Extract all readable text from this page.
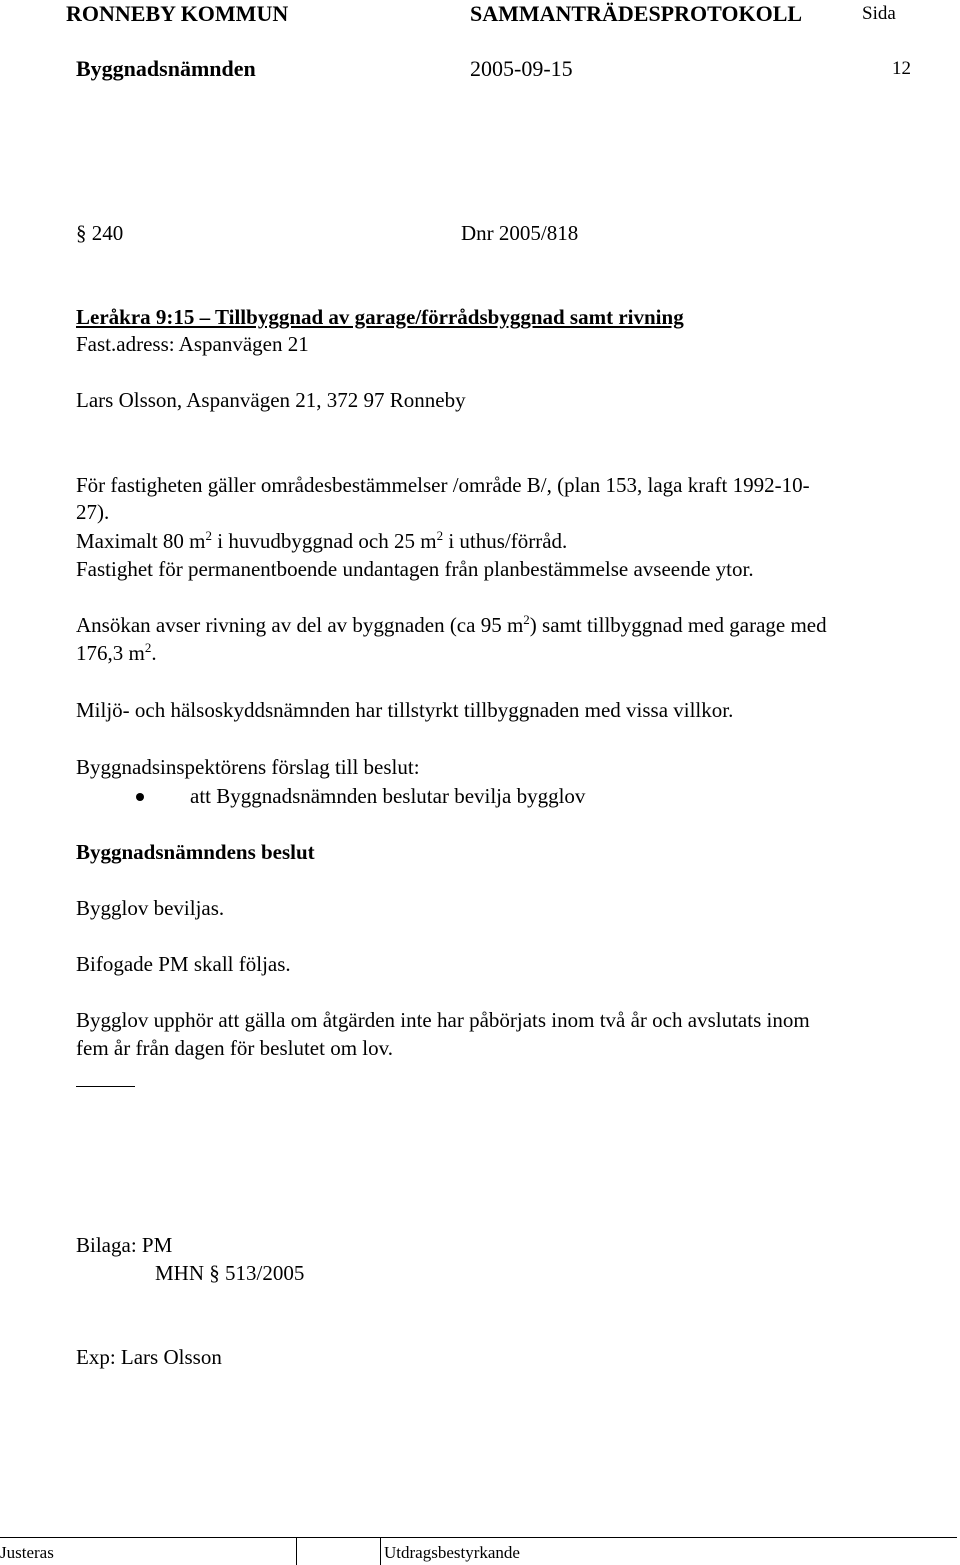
RONNEBY KOMMUN	SAMMANTRÄDESPROTOKOLL	Sida
Byggnadsnämnden	2005-09-15	12
§ 240	Dnr 2005/818
Leråkra 9:15 – Tillbyggnad av garage/förrådsbyggnad samt rivning
Fast.adress: Aspanvägen 21
Lars Olsson, Aspanvägen 21, 372 97 Ronneby
För fastigheten gäller områdesbestämmelser /område B/, (plan 153, laga kraft 1992-10-
27).
Maximalt 80 $m^2$ i huvudbyggnad och 25 $m^2$ i uthus/förråd.
Fastighet för permanentboende undantagen från planbestämmelse avseende ytor.
Ansökan avser rivning av del av byggnaden (ca 95 $m^2$) samt tillbyggnad med garage med
176,3 $m^2$.
Miljö- och hälsoskyddsnämnden har tillstyrkt tillbyggnaden med vissa villkor.
Byggnadsinspektörens förslag till beslut:
att Byggnadsnämnden beslutar bevilja bygglov
Byggnadsnämndens beslut
Bygglov beviljas.
Bifogade PM skall följas.
Bygglov upphör att gälla om åtgärden inte har påbörjats inom två år och avslutats inom
fem år från dagen för beslutet om lov.
Bilaga: PM
MHN § 513/2005
Exp: Lars Olsson
Justeras	Utdragsbestyrkande
